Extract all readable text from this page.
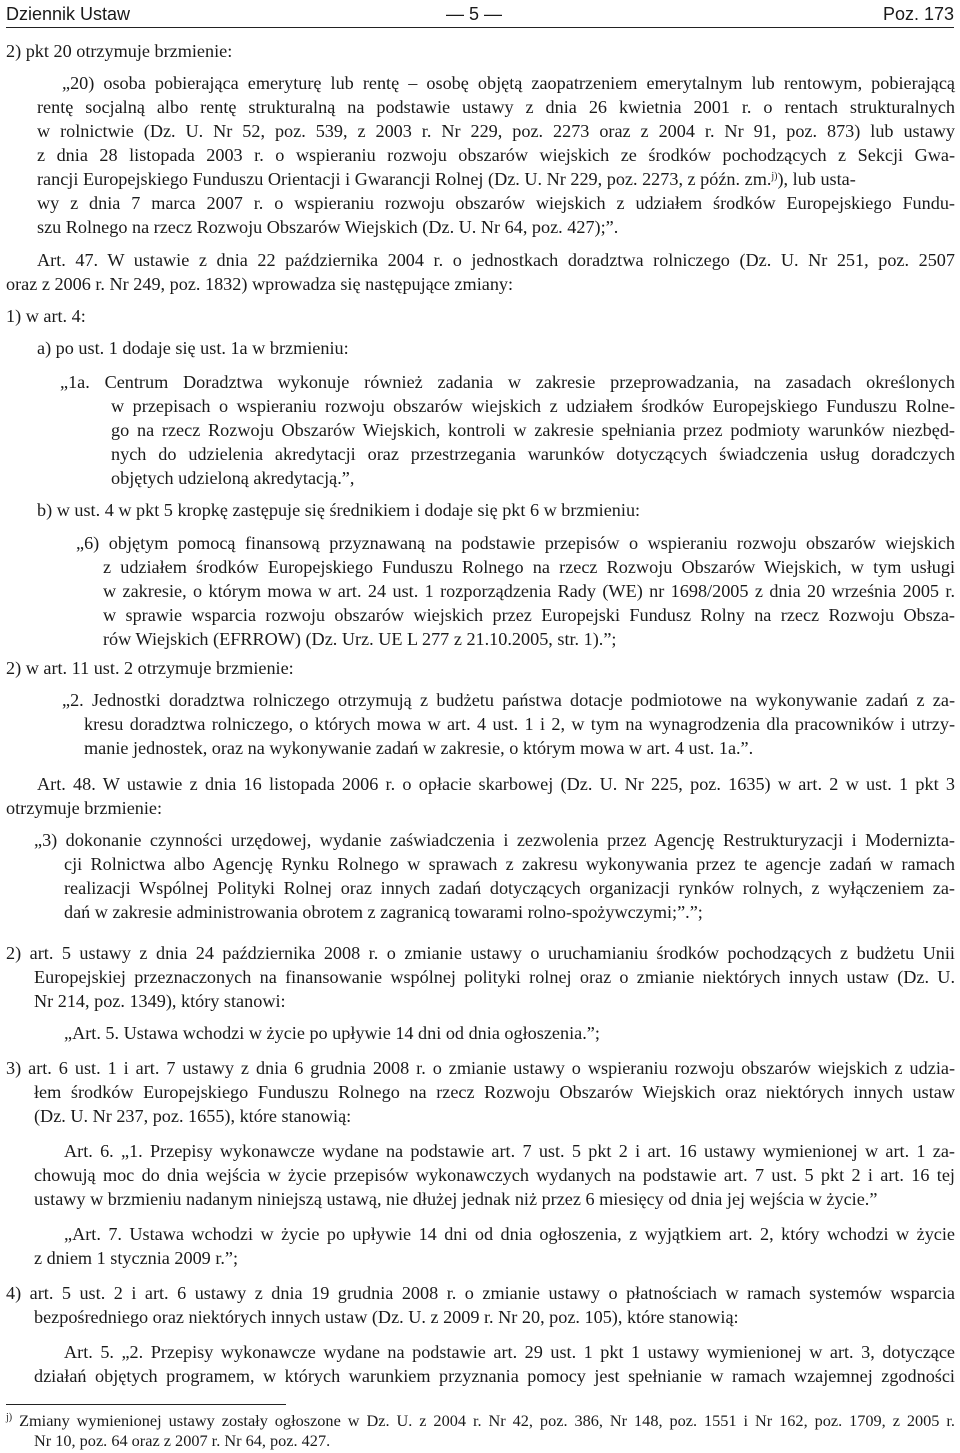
Dziennik Ustaw	— 5 —	Poz. 173
2) pkt 20 otrzymuje brzmienie:
„20) osoba pobierająca emeryturę lub rentę – osobę objętą zaopatrzeniem emerytalnym lub rentowym, pobierającą
rentę socjalną albo rentę strukturalną na podstawie ustawy z dnia 26 kwietnia 2001 r. o rentach strukturalnych
w rolnictwie (Dz. U. Nr 52, poz. 539, z 2003 r. Nr 229, poz. 2273 oraz z 2004 r. Nr 91, poz. 873) lub ustawy
z dnia 28 listopada 2003 r. o wspieraniu rozwoju obszarów wiejskich ze środków pochodzących z Sekcji Gwa-
rancji Europejskiego Funduszu Orientacji i Gwarancji Rolnej (Dz. U. Nr 229, poz. 2273, z późn. zm.$^{j)}$), lub usta-
wy z dnia 7 marca 2007 r. o wspieraniu rozwoju obszarów wiejskich z udziałem środków Europejskiego Fundu-
szu Rolnego na rzecz Rozwoju Obszarów Wiejskich (Dz. U. Nr 64, poz. 427);”.
Art. 47. W ustawie z dnia 22 października 2004 r. o jednostkach doradztwa rolniczego (Dz. U. Nr 251, poz. 2507
oraz z 2006 r. Nr 249, poz. 1832) wprowadza się następujące zmiany:
1) w art. 4:
a) po ust. 1 dodaje się ust. 1a w brzmieniu:
„1a. Centrum Doradztwa wykonuje również zadania w zakresie przeprowadzania, na zasadach określonych
w przepisach o wspieraniu rozwoju obszarów wiejskich z udziałem środków Europejskiego Funduszu Rolne-
go na rzecz Rozwoju Obszarów Wiejskich, kontroli w zakresie spełniania przez podmioty warunków niezbęd-
nych do udzielenia akredytacji oraz przestrzegania warunków dotyczących świadczenia usług doradczych
objętych udzieloną akredytacją.”,
b) w ust. 4 w pkt 5 kropkę zastępuje się średnikiem i dodaje się pkt 6 w brzmieniu:
„6) objętym pomocą finansową przyznawaną na podstawie przepisów o wspieraniu rozwoju obszarów wiejskich
z udziałem środków Europejskiego Funduszu Rolnego na rzecz Rozwoju Obszarów Wiejskich, w tym usługi
w zakresie, o którym mowa w art. 24 ust. 1 rozporządzenia Rady (WE) nr 1698/2005 z dnia 20 września 2005 r.
w sprawie wsparcia rozwoju obszarów wiejskich przez Europejski Fundusz Rolny na rzecz Rozwoju Obsza-
rów Wiejskich (EFRROW) (Dz. Urz. UE L 277 z 21.10.2005, str. 1).”;
2) w art. 11 ust. 2 otrzymuje brzmienie:
„2. Jednostki doradztwa rolniczego otrzymują z budżetu państwa dotacje podmiotowe na wykonywanie zadań z za-
kresu doradztwa rolniczego, o których mowa w art. 4 ust. 1 i 2, w tym na wynagrodzenia dla pracowników i utrzy-
manie jednostek, oraz na wykonywanie zadań w zakresie, o którym mowa w art. 4 ust. 1a.”.
Art. 48. W ustawie z dnia 16 listopada 2006 r. o opłacie skarbowej (Dz. U. Nr 225, poz. 1635) w art. 2 w ust. 1 pkt 3
otrzymuje brzmienie:
„3) dokonanie czynności urzędowej, wydanie zaświadczenia i zezwolenia przez Agencję Restrukturyzacji i Modernizta-
cji Rolnictwa albo Agencję Rynku Rolnego w sprawach z zakresu wykonywania przez te agencje zadań w ramach
realizacji Wspólnej Polityki Rolnej oraz innych zadań dotyczących organizacji rynków rolnych, z wyłączeniem za-
dań w zakresie administrowania obrotem z zagranicą towarami rolno-spożywczymi;”.”;
2) art. 5 ustawy z dnia 24 października 2008 r. o zmianie ustawy o uruchamianiu środków pochodzących z budżetu Unii
Europejskiej przeznaczonych na finansowanie wspólnej polityki rolnej oraz o zmianie niektórych innych ustaw (Dz. U.
Nr 214, poz. 1349), który stanowi:
„Art. 5. Ustawa wchodzi w życie po upływie 14 dni od dnia ogłoszenia.”;
3) art. 6 ust. 1 i art. 7 ustawy z dnia 6 grudnia 2008 r. o zmianie ustawy o wspieraniu rozwoju obszarów wiejskich z udzia-
łem środków Europejskiego Funduszu Rolnego na rzecz Rozwoju Obszarów Wiejskich oraz niektórych innych ustaw
(Dz. U. Nr 237, poz. 1655), które stanowią:
Art. 6. „1. Przepisy wykonawcze wydane na podstawie art. 7 ust. 5 pkt 2 i art. 16 ustawy wymienionej w art. 1 za-
chowują moc do dnia wejścia w życie przepisów wykonawczych wydanych na podstawie art. 7 ust. 5 pkt 2 i art. 16 tej
ustawy w brzmieniu nadanym niniejszą ustawą, nie dłużej jednak niż przez 6 miesięcy od dnia jej wejścia w życie.”
„Art. 7. Ustawa wchodzi w życie po upływie 14 dni od dnia ogłoszenia, z wyjątkiem art. 2, który wchodzi w życie
z dniem 1 stycznia 2009 r.”;
4) art. 5 ust. 2 i art. 6 ustawy z dnia 19 grudnia 2008 r. o zmianie ustawy o płatnościach w ramach systemów wsparcia
bezpośredniego oraz niektórych innych ustaw (Dz. U. z 2009 r. Nr 20, poz. 105), które stanowią:
Art. 5. „2. Przepisy wykonawcze wydane na podstawie art. 29 ust. 1 pkt 1 ustawy wymienionej w art. 3, dotyczące
działań objętych programem, w których warunkiem przyznania pomocy jest spełnianie w ramach wzajemnej zgodności
$^{j)}$ Zmiany wymienionej ustawy zostały ogłoszone w Dz. U. z 2004 r. Nr 42, poz. 386, Nr 148, poz. 1551 i Nr 162, poz. 1709, z 2005 r.
Nr 10, poz. 64 oraz z 2007 r. Nr 64, poz. 427.
